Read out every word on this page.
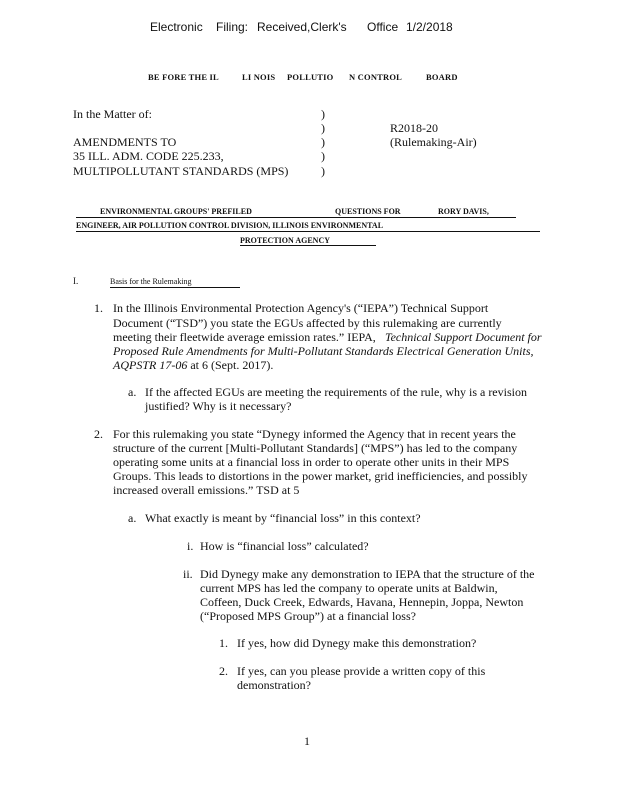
Electronic Filing: Received,Clerk's Office 1/2/2018
BE FORE THE IL	LI NOIS POLLUTIO N CONTROL	BOARD
In the Matter of:
AMENDMENTS TO
35 ILL. ADM. CODE 225.233,
MULTIPOLLUTANT STANDARDS (MPS)
)
)
)
)
)
R2018-20
(Rulemaking-Air)
ENVIRONMENTAL GROUPS' PREFILED	QUESTIONS FOR	RORY DAVIS,
ENGINEER, AIR POLLUTION CONTROL DIVISION, ILLINOIS ENVIRONMENTAL
PROTECTION AGENCY
I.	Basis for the Rulemaking
1. In the Illinois Environmental Protection Agency's (“IEPA”) Technical Support
Document (“TSD”) you state the EGUs affected by this rulemaking are currently
meeting their fleetwide average emission rates.” IEPA, Technical Support Document for
Proposed Rule Amendments for Multi-Pollutant Standards Electrical Generation Units,
AQPSTR 17-06 at 6 (Sept. 2017).
a. If the affected EGUs are meeting the requirements of the rule, why is a revision
justified? Why is it necessary?
2. For this rulemaking you state “Dynegy informed the Agency that in recent years the
structure of the current [Multi-Pollutant Standards] (“MPS”) has led to the company
operating some units at a financial loss in order to operate other units in their MPS
Groups. This leads to distortions in the power market, grid inefficiencies, and possibly
increased overall emissions.” TSD at 5
a. What exactly is meant by “financial loss” in this context?
i. How is “financial loss” calculated?
ii. Did Dynegy make any demonstration to IEPA that the structure of the
current MPS has led the company to operate units at Baldwin,
Coffeen, Duck Creek, Edwards, Havana, Hennepin, Joppa, Newton
(“Proposed MPS Group”) at a financial loss?
1. If yes, how did Dynegy make this demonstration?
2. If yes, can you please provide a written copy of this
demonstration?
1
